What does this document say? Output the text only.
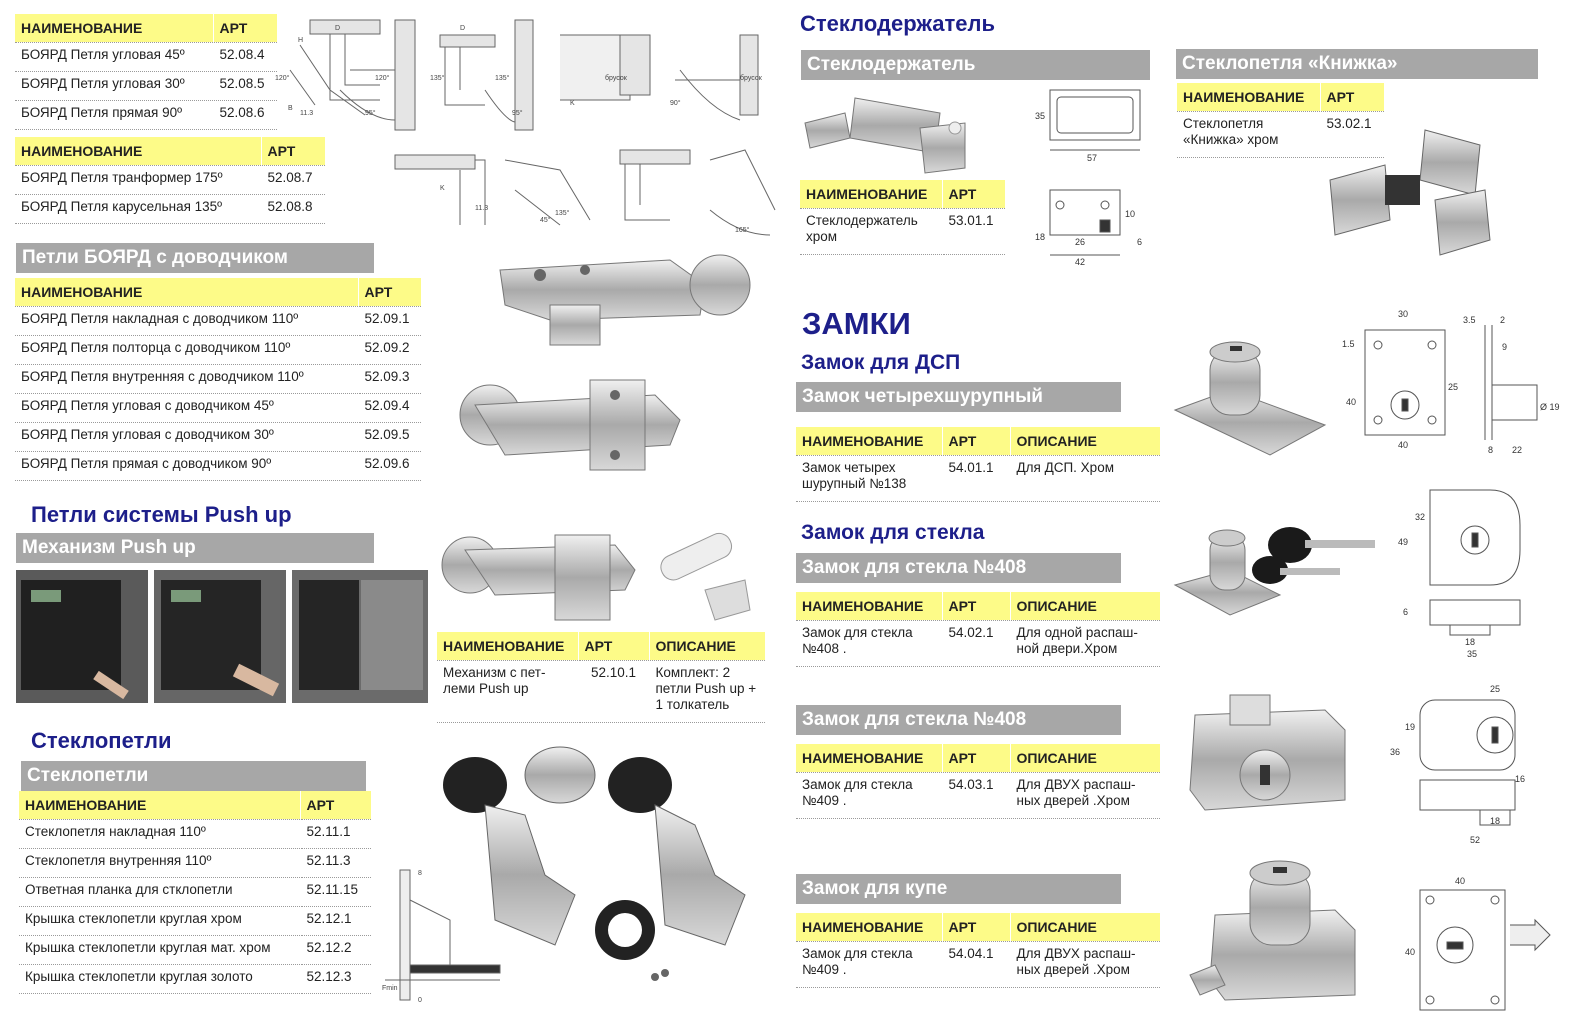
НАИМЕНОВАНИЕ	АРТ
БОЯРД Петля угловая 45º	52.08.4
БОЯРД Петля угловая 30º	52.08.5
БОЯРД Петля прямая 90º	52.08.6
НАИМЕНОВАНИЕ	АРТ
БОЯРД Петля транформер 175º	52.08.7
БОЯРД Петля карусельная 135º	52.08.8
H
D
120°	120°
95°
11.3
B
135°	135°
95°
D
брусок	брусок
90°
K
K
11.3
45°
135°
165°
Петли БОЯРД с доводчиком
НАИМЕНОВАНИЕ	АРТ
БОЯРД Петля накладная с доводчиком 110º	52.09.1
БОЯРД Петля полторца с доводчиком 110º	52.09.2
БОЯРД Петля внутренняя с доводчиком 110º	52.09.3
БОЯРД Петля угловая с доводчиком 45º	52.09.4
БОЯРД Петля угловая с доводчиком 30º	52.09.5
БОЯРД Петля прямая с доводчиком 90º	52.09.6
Петли системы Push up
Механизм Push up
НАИМЕНОВАНИЕ	АРТ	ОПИСАНИЕ
Механизм с пет-леми Push up	52.10.1	Комплект: 2 петли Push up + 1 толкатель
Стеклопетли
Стеклопетли
НАИМЕНОВАНИЕ	АРТ
Стеклопетля накладная 110º	52.11.1
Стеклопетля внутренняя 110º	52.11.3
Ответная планка для стклопетли	52.11.15
Крышка стеклопетли круглая хром	52.12.1
Крышка стеклопетли круглая мат. хром	52.12.2
Крышка стеклопетли круглая золото	52.12.3
8
Fmin
0
Стеклодержатель
Стеклодержатель
35
57
10
18	26
42
6
НАИМЕНОВАНИЕ	АРТ
Стеклодержатель хром	53.01.1
Стеклопетля «Книжка»
НАИМЕНОВАНИЕ	АРТ
Стеклопетля «Книжка» хром	53.02.1
ЗАМКИ
Замок для ДСП
Замок четырехшурупный
НАИМЕНОВАНИЕ	АРТ	ОПИСАНИЕ
Замок четырех шурупный №138	54.01.1	Для ДСП. Хром
30
1.5
40
25
40
3.5	2
9
Ø 19
8 22
Замок для стекла
Замок для стекла №408
НАИМЕНОВАНИЕ	АРТ	ОПИСАНИЕ
Замок для стекла №408 .	54.02.1	Для одной распаш-ной двери.Хром
32
49
6
18
35
Замок для стекла №408
НАИМЕНОВАНИЕ	АРТ	ОПИСАНИЕ
Замок для стекла №409 .	54.03.1	Для ДВУХ распаш-ных дверей .Хром
25
19
36
16
18
52
Замок для купе
НАИМЕНОВАНИЕ	АРТ	ОПИСАНИЕ
Замок для стекла №409 .	54.04.1	Для ДВУХ распаш-ных дверей .Хром
40
40
